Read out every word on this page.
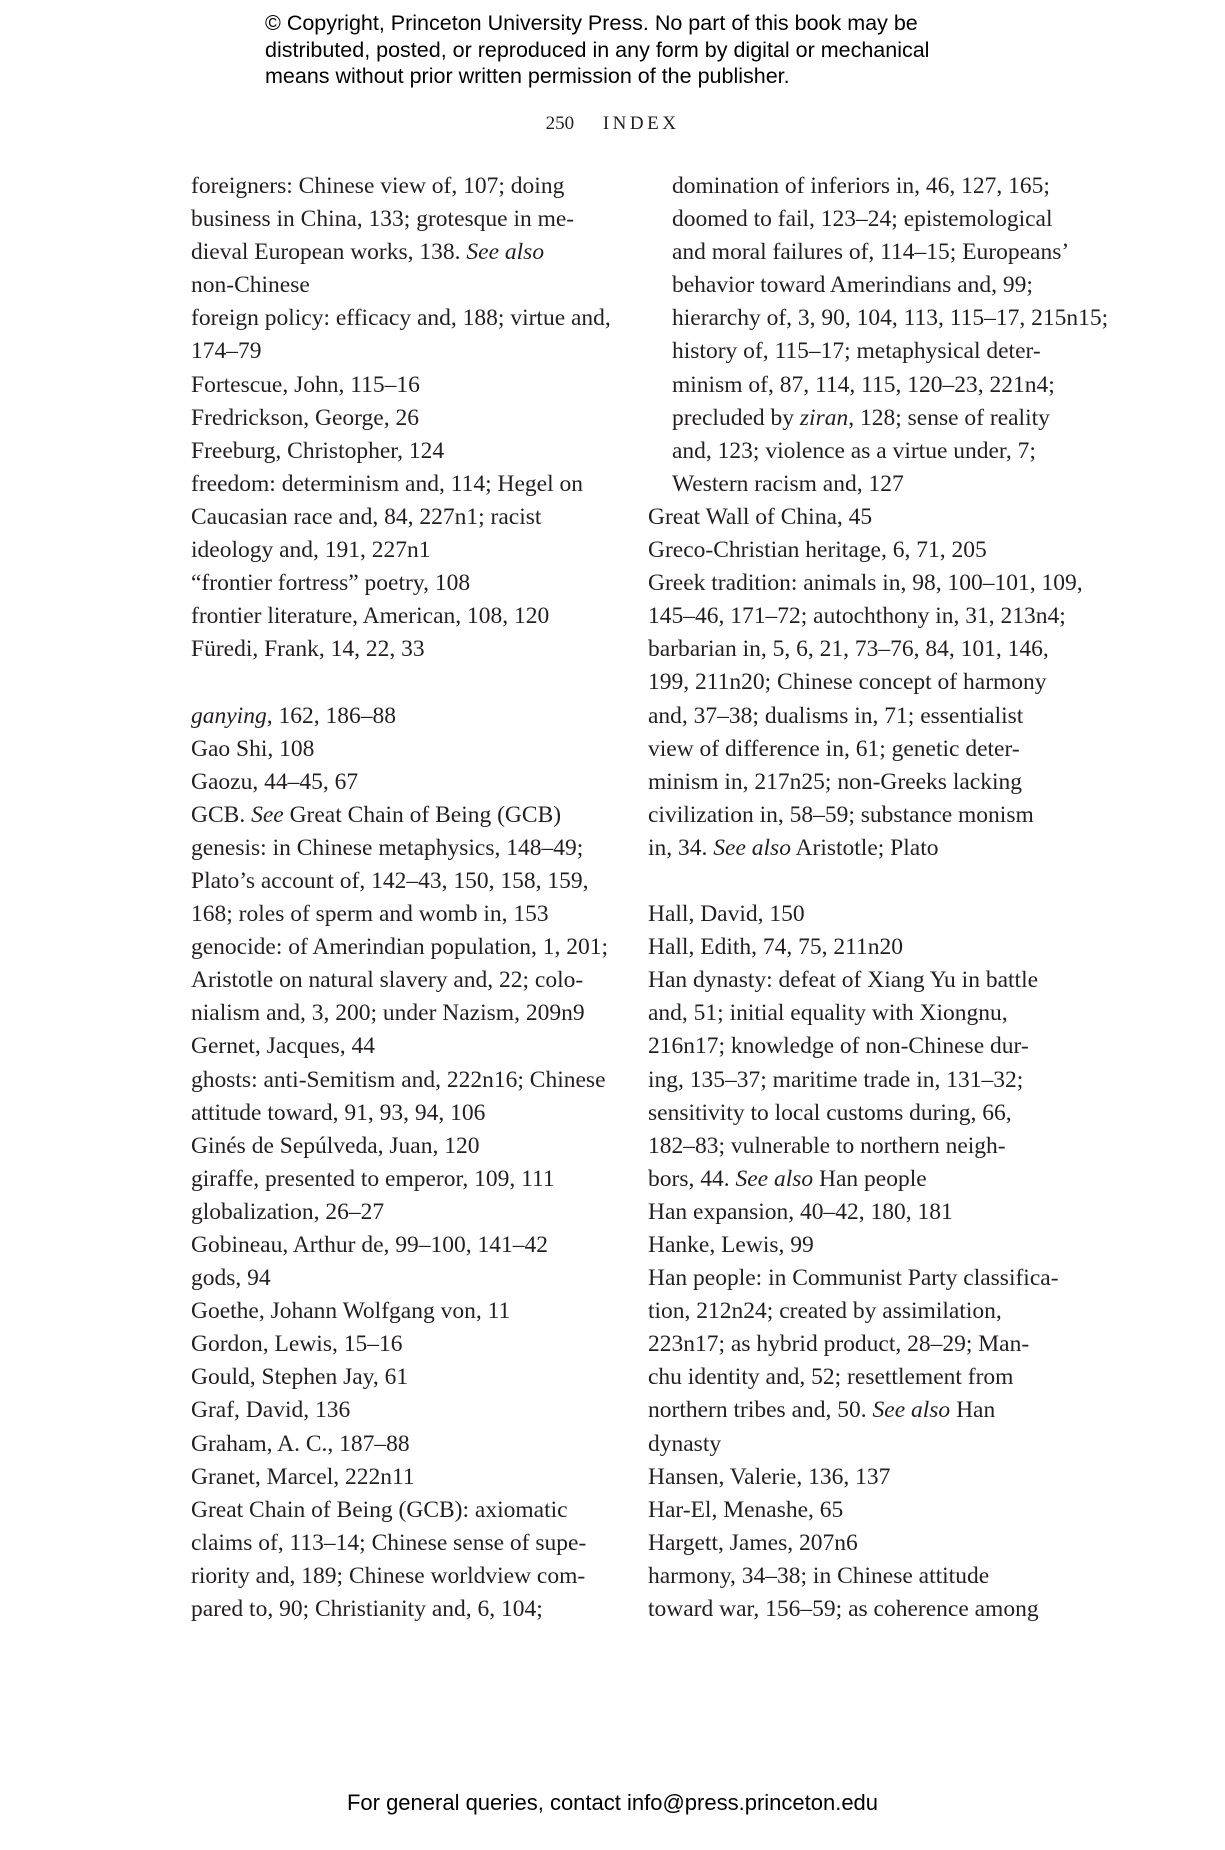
© Copyright, Princeton University Press. No part of this book may be
distributed, posted, or reproduced in any form by digital or mechanical
means without prior written permission of the publisher.
250 INDEX
foreigners: Chinese view of, 107; doing
business in China, 133; grotesque in me-
dieval European works, 138. See also
non-Chinese
foreign policy: efficacy and, 188; virtue and,
174–79
Fortescue, John, 115–16
Fredrickson, George, 26
Freeburg, Christopher, 124
freedom: determinism and, 114; Hegel on
Caucasian race and, 84, 227n1; racist
ideology and, 191, 227n1
“frontier fortress” poetry, 108
frontier literature, American, 108, 120
Füredi, Frank, 14, 22, 33
ganying, 162, 186–88
Gao Shi, 108
Gaozu, 44–45, 67
GCB. See Great Chain of Being (GCB)
genesis: in Chinese metaphysics, 148–49;
Plato’s account of, 142–43, 150, 158, 159,
168; roles of sperm and womb in, 153
genocide: of Amerindian population, 1, 201;
Aristotle on natural slavery and, 22; colo-
nialism and, 3, 200; under Nazism, 209n9
Gernet, Jacques, 44
ghosts: anti-Semitism and, 222n16; Chinese
attitude toward, 91, 93, 94, 106
Ginés de Sepúlveda, Juan, 120
giraffe, presented to emperor, 109, 111
globalization, 26–27
Gobineau, Arthur de, 99–100, 141–42
gods, 94
Goethe, Johann Wolfgang von, 11
Gordon, Lewis, 15–16
Gould, Stephen Jay, 61
Graf, David, 136
Graham, A. C., 187–88
Granet, Marcel, 222n11
Great Chain of Being (GCB): axiomatic
claims of, 113–14; Chinese sense of supe-
riority and, 189; Chinese worldview com-
pared to, 90; Christianity and, 6, 104;
domination of inferiors in, 46, 127, 165;
doomed to fail, 123–24; epistemological
and moral failures of, 114–15; Europeans’
behavior toward Amerindians and, 99;
hierarchy of, 3, 90, 104, 113, 115–17, 215n15;
history of, 115–17; metaphysical deter-
minism of, 87, 114, 115, 120–23, 221n4;
precluded by ziran, 128; sense of reality
and, 123; violence as a virtue under, 7;
Western racism and, 127
Great Wall of China, 45
Greco-Christian heritage, 6, 71, 205
Greek tradition: animals in, 98, 100–101, 109,
145–46, 171–72; autochthony in, 31, 213n4;
barbarian in, 5, 6, 21, 73–76, 84, 101, 146,
199, 211n20; Chinese concept of harmony
and, 37–38; dualisms in, 71; essentialist
view of difference in, 61; genetic deter-
minism in, 217n25; non-Greeks lacking
civilization in, 58–59; substance monism
in, 34. See also Aristotle; Plato
Hall, David, 150
Hall, Edith, 74, 75, 211n20
Han dynasty: defeat of Xiang Yu in battle
and, 51; initial equality with Xiongnu,
216n17; knowledge of non-Chinese dur-
ing, 135–37; maritime trade in, 131–32;
sensitivity to local customs during, 66,
182–83; vulnerable to northern neigh-
bors, 44. See also Han people
Han expansion, 40–42, 180, 181
Hanke, Lewis, 99
Han people: in Communist Party classifica-
tion, 212n24; created by assimilation,
223n17; as hybrid product, 28–29; Man-
chu identity and, 52; resettlement from
northern tribes and, 50. See also Han
dynasty
Hansen, Valerie, 136, 137
Har-El, Menashe, 65
Hargett, James, 207n6
harmony, 34–38; in Chinese attitude
toward war, 156–59; as coherence among
For general queries, contact info@press.princeton.edu
